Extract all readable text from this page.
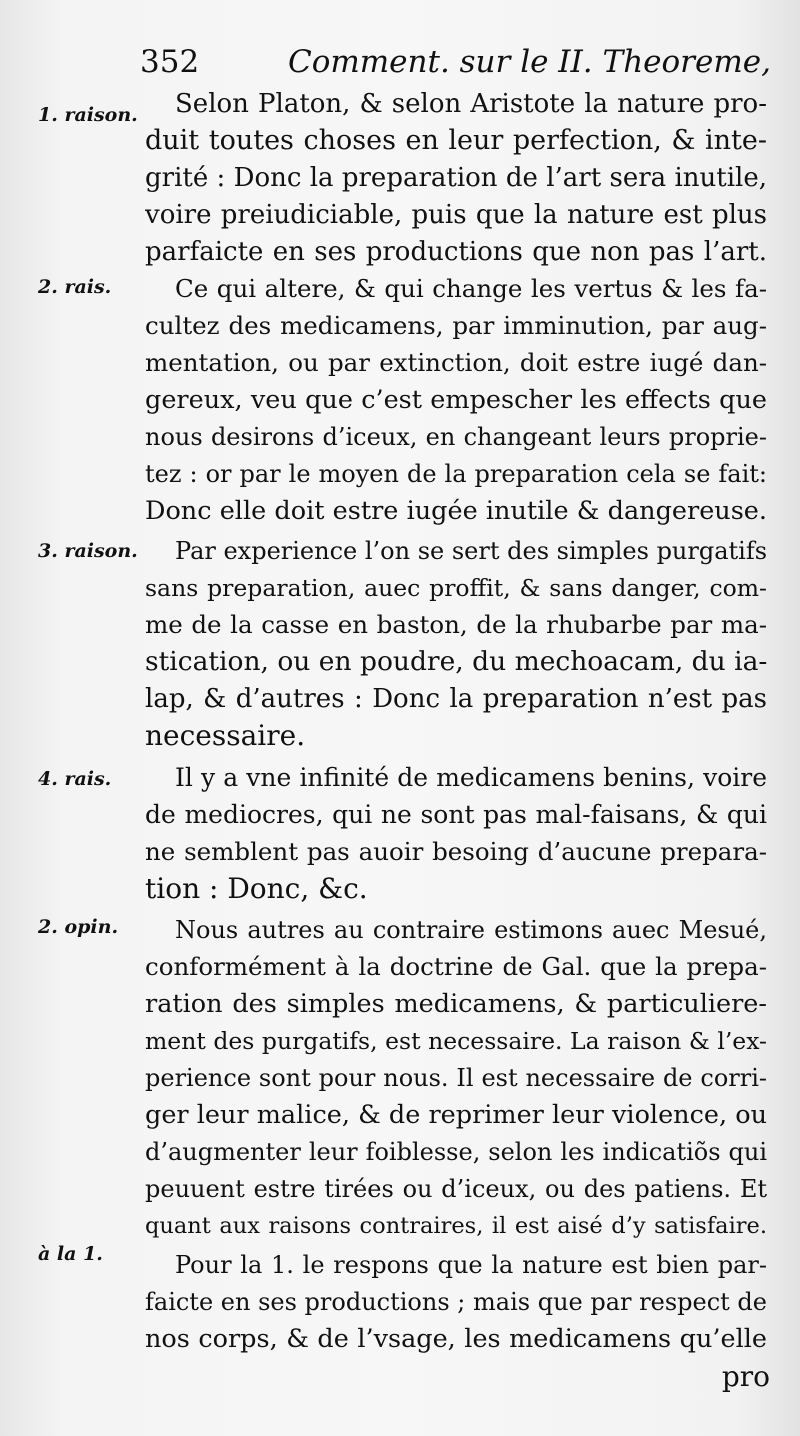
352	Comment. sur le II. Theoreme,
1. raison.
2. rais.
3. raison.
4. rais.
2. opin.
à la 1.
Selon Platon, & selon Aristote la nature pro-
duit toutes choses en leur perfection, & inte-
grité : Donc la preparation de l’art sera inutile,
voire preiudiciable, puis que la nature est plus
parfaicte en ses productions que non pas l’art.
Ce qui altere, & qui change les vertus & les fa-
cultez des medicamens, par imminution, par aug-
mentation, ou par extinction, doit estre iugé dan-
gereux, veu que c’est empescher les effects que
nous desirons d’iceux, en changeant leurs proprie-
tez : or par le moyen de la preparation cela se fait:
Donc elle doit estre iugée inutile & dangereuse.
Par experience l’on se sert des simples purgatifs
sans preparation, auec proffit, & sans danger, com-
me de la casse en baston, de la rhubarbe par ma-
stication, ou en poudre, du mechoacam, du ia-
lap, & d’autres : Donc la preparation n’est pas
necessaire.
Il y a vne infinité de medicamens benins, voire
de mediocres, qui ne sont pas mal-faisans, & qui
ne semblent pas auoir besoing d’aucune prepara-
tion : Donc, &c.
Nous autres au contraire estimons auec Mesué,
conformément à la doctrine de Gal. que la prepa-
ration des simples medicamens, & particuliere-
ment des purgatifs, est necessaire. La raison & l’ex-
perience sont pour nous. Il est necessaire de corri-
ger leur malice, & de reprimer leur violence, ou
d’augmenter leur foiblesse, selon les indicatiõs qui
peuuent estre tirées ou d’iceux, ou des patiens. Et
quant aux raisons contraires, il est aisé d’y satisfaire.
Pour la 1. le respons que la nature est bien par-
faicte en ses productions ; mais que par respect de
nos corps, & de l’vsage, les medicamens qu’elle
pro
